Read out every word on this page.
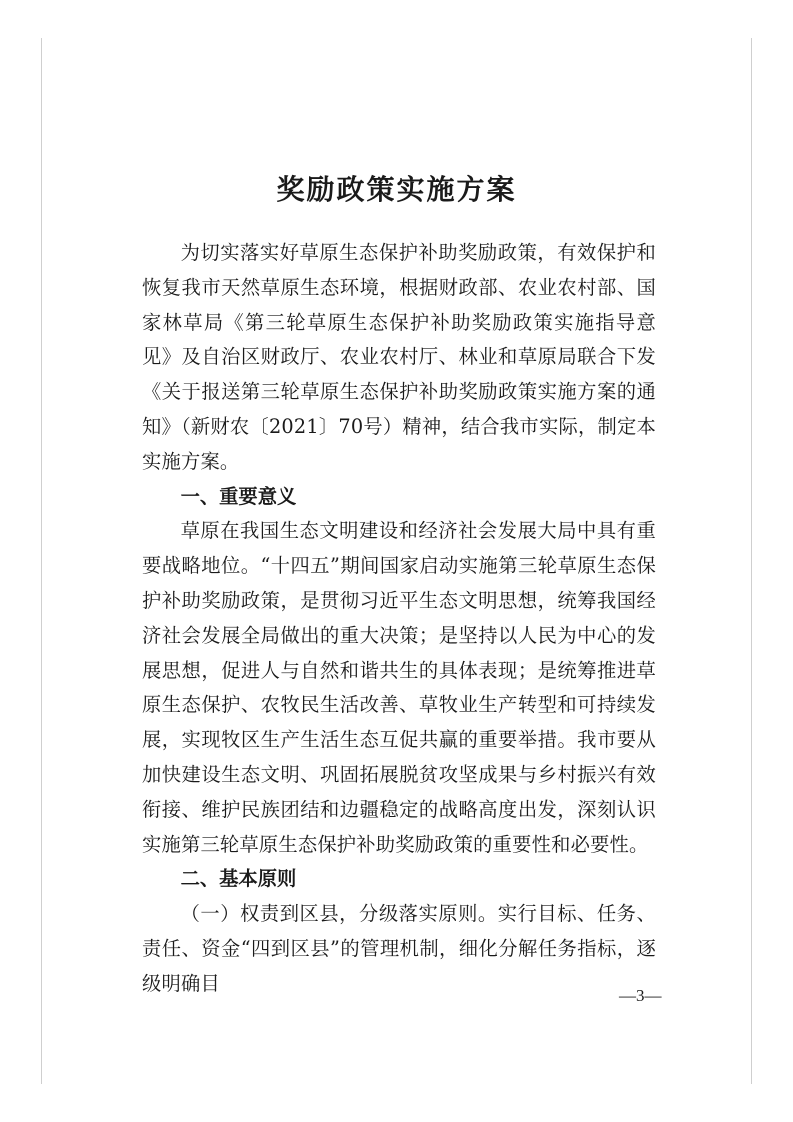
奖励政策实施方案

为切实落实好草原生态保护补助奖励政策，有效保护和恢复我市天然草原生态环境，根据财政部、农业农村部、国家林草局《第三轮草原生态保护补助奖励政策实施指导意见》及自治区财政厅、农业农村厅、林业和草原局联合下发《关于报送第三轮草原生态保护补助奖励政策实施方案的通知》（新财农〔2021〕70号）精神，结合我市实际，制定本实施方案。

一、重要意义

草原在我国生态文明建设和经济社会发展大局中具有重要战略地位。“十四五”期间国家启动实施第三轮草原生态保护补助奖励政策，是贯彻习近平生态文明思想，统筹我国经济社会发展全局做出的重大决策；是坚持以人民为中心的发展思想，促进人与自然和谐共生的具体表现；是统筹推进草原生态保护、农牧民生活改善、草牧业生产转型和可持续发展，实现牧区生产生活生态互促共赢的重要举措。我市要从加快建设生态文明、巩固拓展脱贫攻坚成果与乡村振兴有效衔接、维护民族团结和边疆稳定的战略高度出发，深刻认识实施第三轮草原生态保护补助奖励政策的重要性和必要性。

二、基本原则

（一）权责到区县，分级落实原则。实行目标、任务、责任、资金“四到区县”的管理机制，细化分解任务指标，逐级明确目

—3—
